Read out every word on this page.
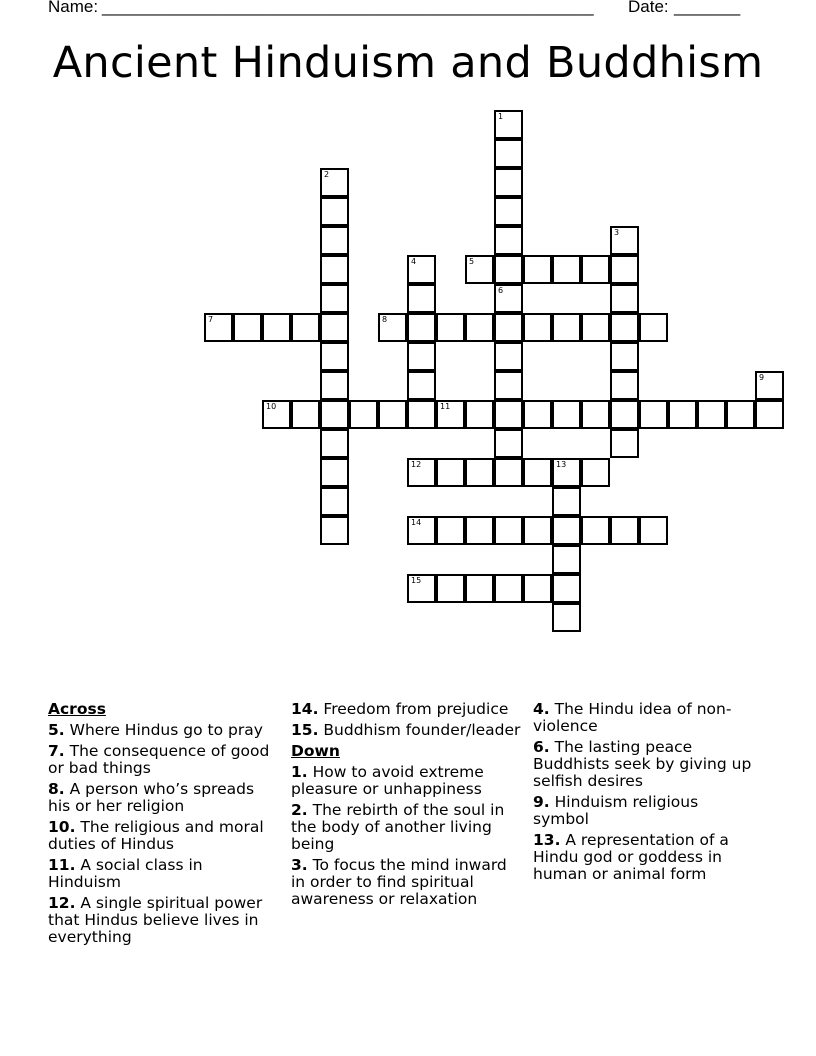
Name: ____________________________________________________ Date: _______
Ancient Hinduism and Buddhism
1
6
2
3
4	5
7	8
9
10	11
12	13
14
15
Across
5. Where Hindus go to pray
7. The consequence of good or bad things
8. A person who’s spreads his or her religion
10. The religious and moral duties of Hindus
11. A social class in Hinduism
12. A single spiritual power that Hindus believe lives in everything
14. Freedom from prejudice
15. Buddhism founder/leader
Down
1. How to avoid extreme pleasure or unhappiness
2. The rebirth of the soul in the body of another living being
3. To focus the mind inward in order to find spiritual awareness or relaxation
4. The Hindu idea of non-violence
6. The lasting peace Buddhists seek by giving up selfish desires
9. Hinduism religious symbol
13. A representation of a Hindu god or goddess in human or animal form
